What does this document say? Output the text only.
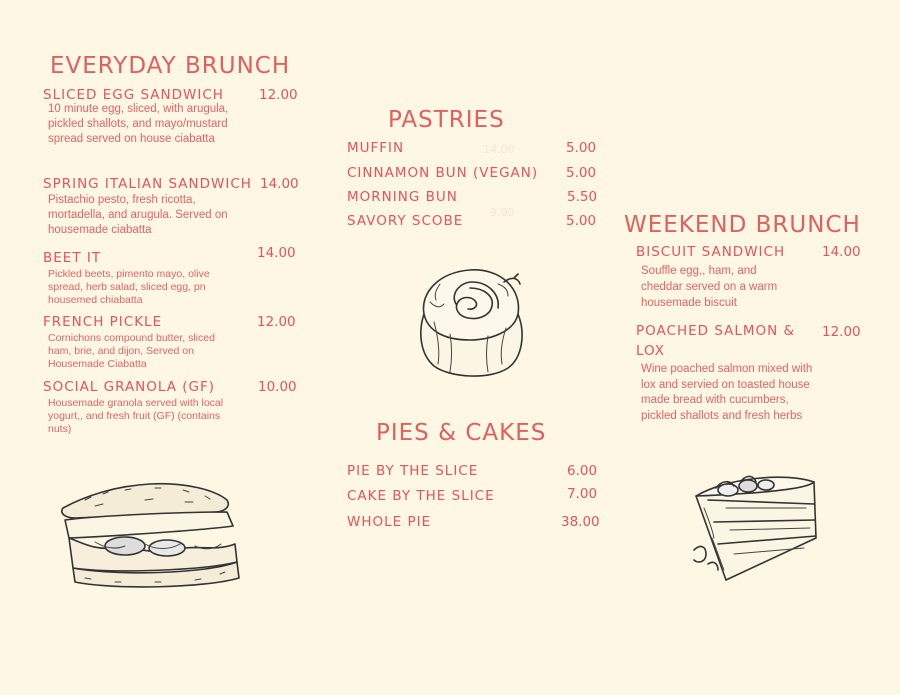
EVERYDAY BRUNCH
SLICED EGG SANDWICH	12.00
10 minute egg, sliced, with arugula, pickled shallots, and mayo/mustard spread served on house ciabatta
SPRING ITALIAN SANDWICH 14.00
Pistachio pesto, fresh ricotta, mortadella, and arugula. Served on housemade ciabatta
BEET IT	14.00
Pickled beets, pimento mayo, olive spread, herb salad, sliced egg, pn housemed chiabatta
FRENCH PICKLE	12.00
Cornichons compound butter, sliced ham, brie, and dijon, Served on Housemade Ciabatta
SOCIAL GRANOLA (GF)	10.00
Housemade granola served with local yogurt,, and fresh fruit (GF) (contains nuts)
PASTRIES
14.00
9.00
MUFFIN	5.00
CINNAMON BUN (VEGAN) 5.00
MORNING BUN	5.50
SAVORY SCOBE	5.00
PIES & CAKES
PIE BY THE SLICE	6.00
CAKE BY THE SLICE	7.00
WHOLE PIE	38.00
WEEKEND BRUNCH
BISCUIT SANDWICH	14.00
Souffle egg,, ham, and cheddar served on a warm housemade biscuit
POACHED SALMON &
LOX
12.00
Wine poached salmon mixed with lox and servied on toasted house made bread with cucumbers, pickled shallots and fresh herbs
